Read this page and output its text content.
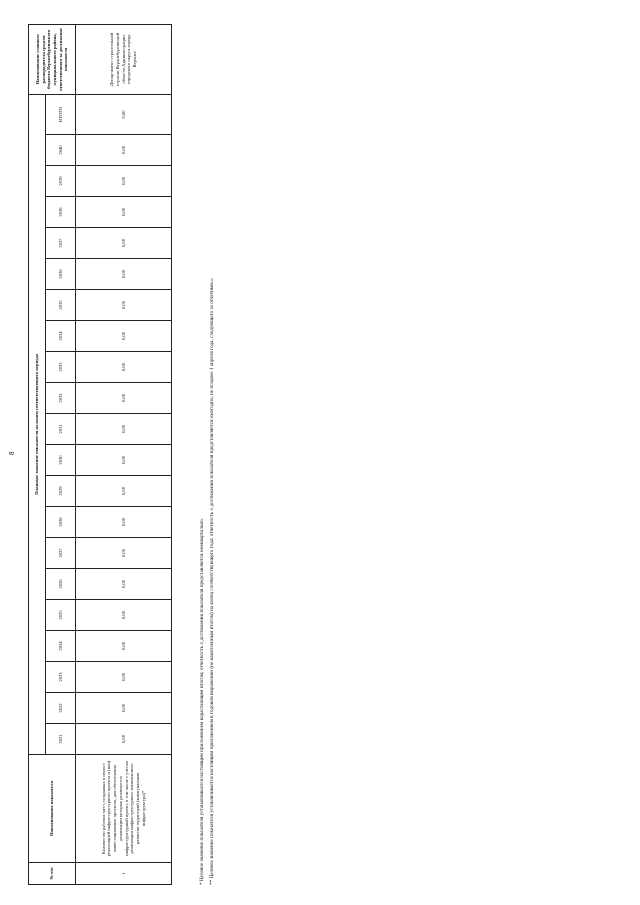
8
№ п/п	Наименование показателя	Плановое значение показателя на конец соответствующего периода																					Наименование главного распорядителя средств бюджета Верхнебуреинского муниципального района, ответственного за достижение показателя
		2021	2022	2023	2024	2025	2026	2027	2028	2029	2030	2031	2032	2033	2034	2035	2036	2037	2038	2039	2040	ИТОГО	
1	Количество рабочих мест, созданных в связи с реализацией инфраструктурного проекта и (или) инвестиционных проектов, для обеспечения реализации которых реализуется инфраструктурный проект, в том числе с учетом реализации инфраструктурного комплексного развития территорий (коммунальная инфраструктура)*	0,00	0,00	0,00	0,00	0,00	0,00	0,00	0,00	0,00	0,00	0,00	0,00	0,00	0,00	0,00	0,00	0,00	0,00	0,00	0,00	0,00	Департамент строительной отрасли Верхнебуреинской области Администрации городского округа города Верхнее

* Целевое значение показателя устанавливается настоящим приложением нарастающим итогом; отчетность о достижении показателя представляется ежеквартально. ** Целевое значение показателя устанавливается настоящим приложением в годовом выражении (не накопленным итогом) на конец соответствующего года; отчетность о достижении показателя представляется ежегодно, не позднее 1 апреля года, следующего за отчетным.».
